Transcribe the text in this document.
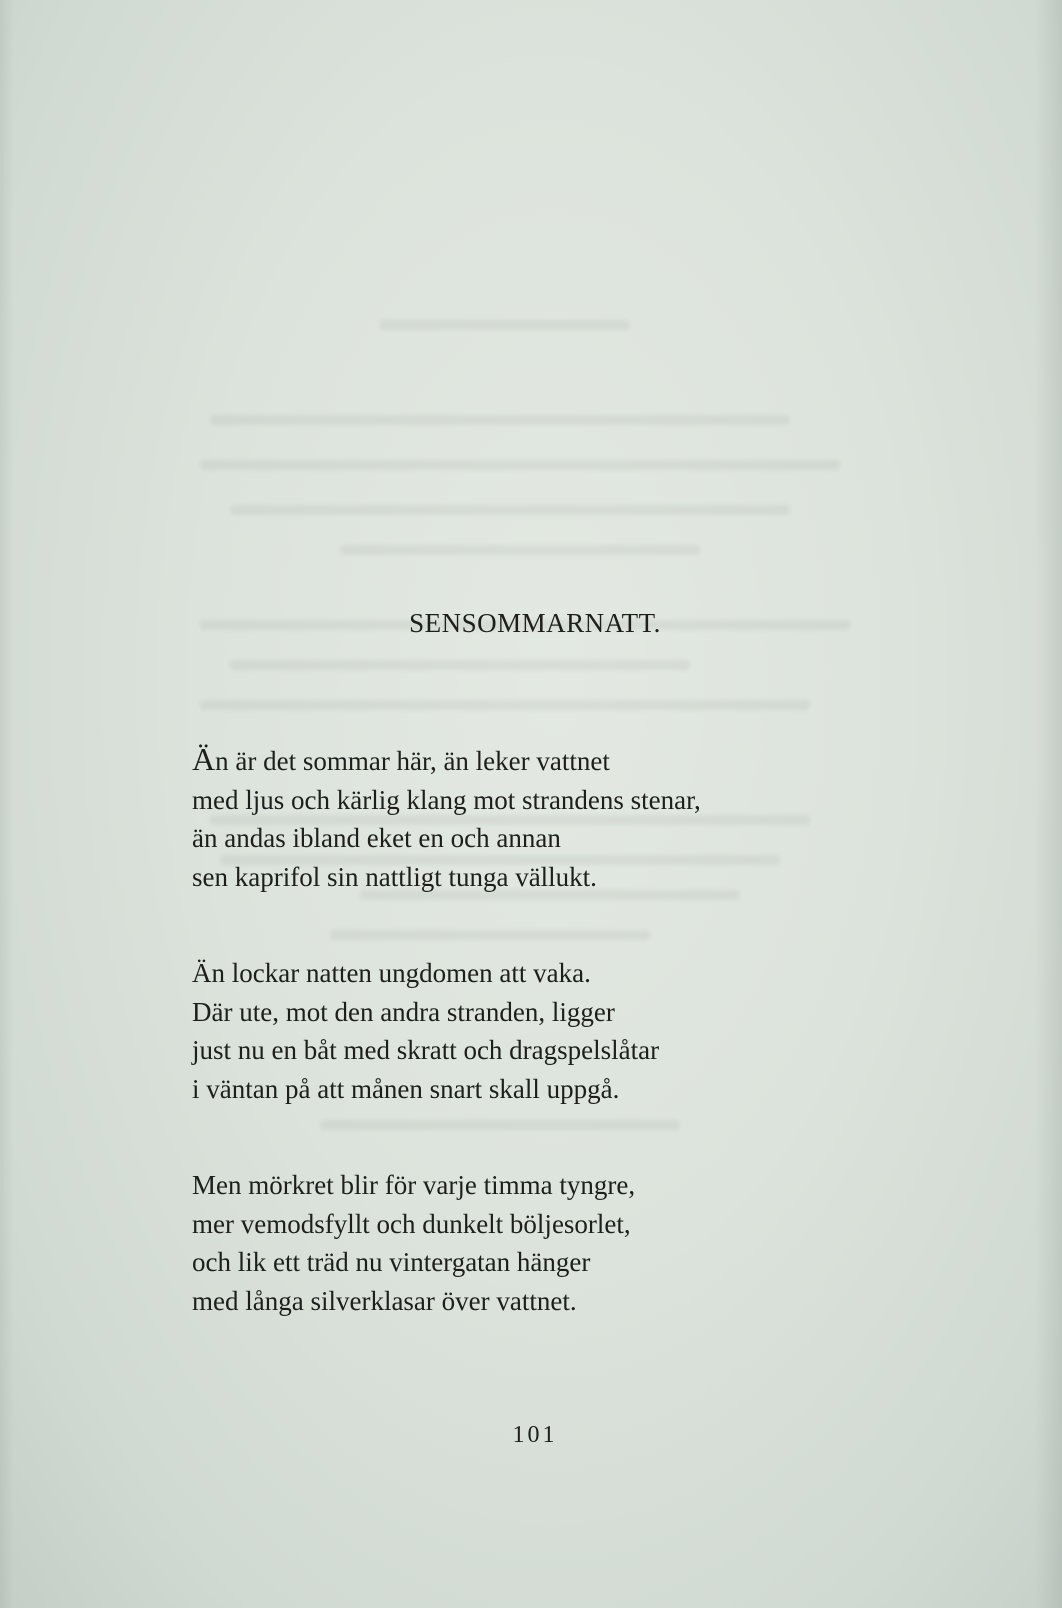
SENSOMMARNATT.
Än är det sommar här, än leker vattnet
med ljus och kärlig klang mot strandens stenar,
än andas ibland eket en och annan
sen kaprifol sin nattligt tunga vällukt.
Än lockar natten ungdomen att vaka.
Där ute, mot den andra stranden, ligger
just nu en båt med skratt och dragspelslåtar
i väntan på att månen snart skall uppgå.
Men mörkret blir för varje timma tyngre,
mer vemodsfyllt och dunkelt böljesorlet,
och lik ett träd nu vintergatan hänger
med långa silverklasar över vattnet.
101
